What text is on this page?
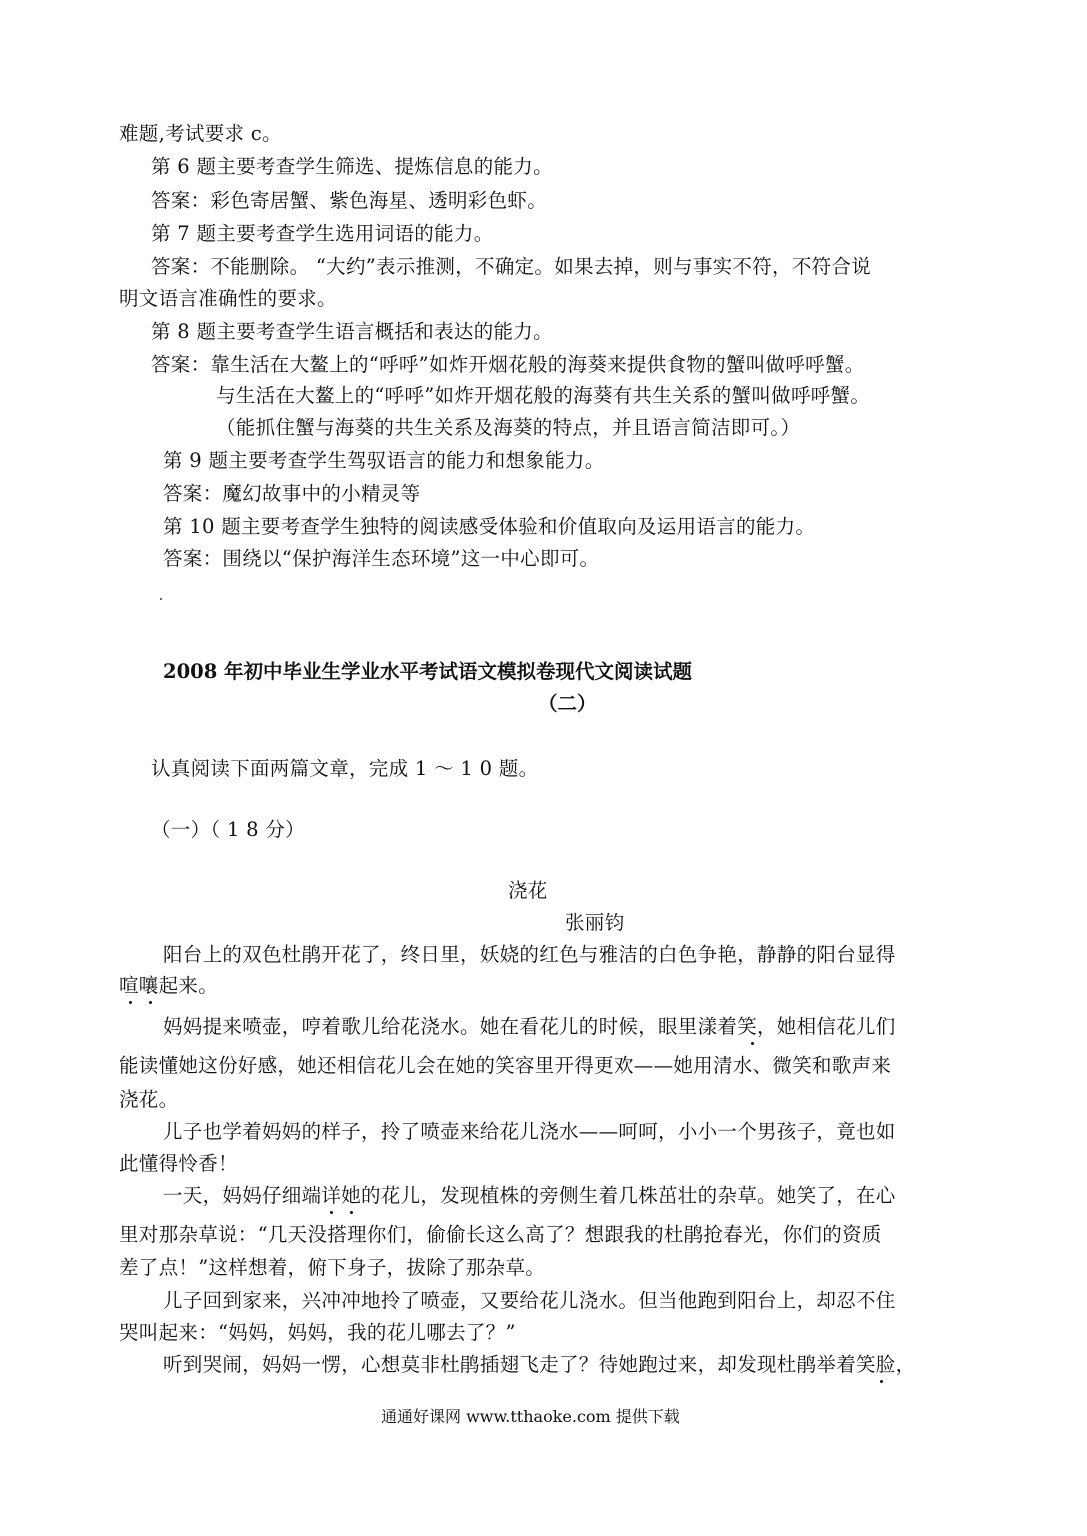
难题,考试要求 c。

第 6 题主要考查学生筛选、提炼信息的能力。

答案：彩色寄居蟹、紫色海星、透明彩色虾。

第 7 题主要考查学生选用词语的能力。

答案：不能删除。 “大约”表示推测，不确定。如果去掉，则与事实不符，不符合说

明文语言准确性的要求。

第 8 题主要考查学生语言概括和表达的能力。

答案：靠生活在大鳌上的“呼呼”如炸开烟花般的海葵来提供食物的蟹叫做呼呼蟹。

与生活在大鳌上的“呼呼”如炸开烟花般的海葵有共生关系的蟹叫做呼呼蟹。

（能抓住蟹与海葵的共生关系及海葵的特点，并且语言简洁即可。）

第 9 题主要考查学生驾驭语言的能力和想象能力。

答案：魔幻故事中的小精灵等

第 10 题主要考查学生独特的阅读感受体验和价值取向及运用语言的能力。

答案：围绕以“保护海洋生态环境”这一中心即可。

2008 年初中毕业生学业水平考试语文模拟卷现代文阅读试题

（二）

认真阅读下面两篇文章，完成 1 ～ 1 0 题。

（一）（ 1 8 分）

浇花

张丽钧

阳台上的双色杜鹃开花了，终日里，妖娆的红色与雅洁的白色争艳，静静的阳台显得

喧嚷起来。

妈妈提来喷壶，哼着歌儿给花浇水。她在看花儿的时候，眼里漾着笑，她相信花儿们

能读懂她这份好感，她还相信花儿会在她的笑容里开得更欢——她用清水、微笑和歌声来

浇花。

儿子也学着妈妈的样子，拎了喷壶来给花儿浇水——呵呵，小小一个男孩子，竟也如

此懂得怜香！

一天，妈妈仔细端详她的花儿，发现植株的旁侧生着几株茁壮的杂草。她笑了，在心

里对那杂草说：“几天没搭理你们，偷偷长这么高了？想跟我的杜鹃抢春光，你们的资质

差了点！”这样想着，俯下身子，拔除了那杂草。

儿子回到家来，兴冲冲地拎了喷壶，又要给花儿浇水。但当他跑到阳台上，却忍不住

哭叫起来：“妈妈，妈妈，我的花儿哪去了？”

听到哭闹，妈妈一愣，心想莫非杜鹃插翅飞走了？待她跑过来，却发现杜鹃举着笑脸，

通通好课网 www.tthaoke.com 提供下载
